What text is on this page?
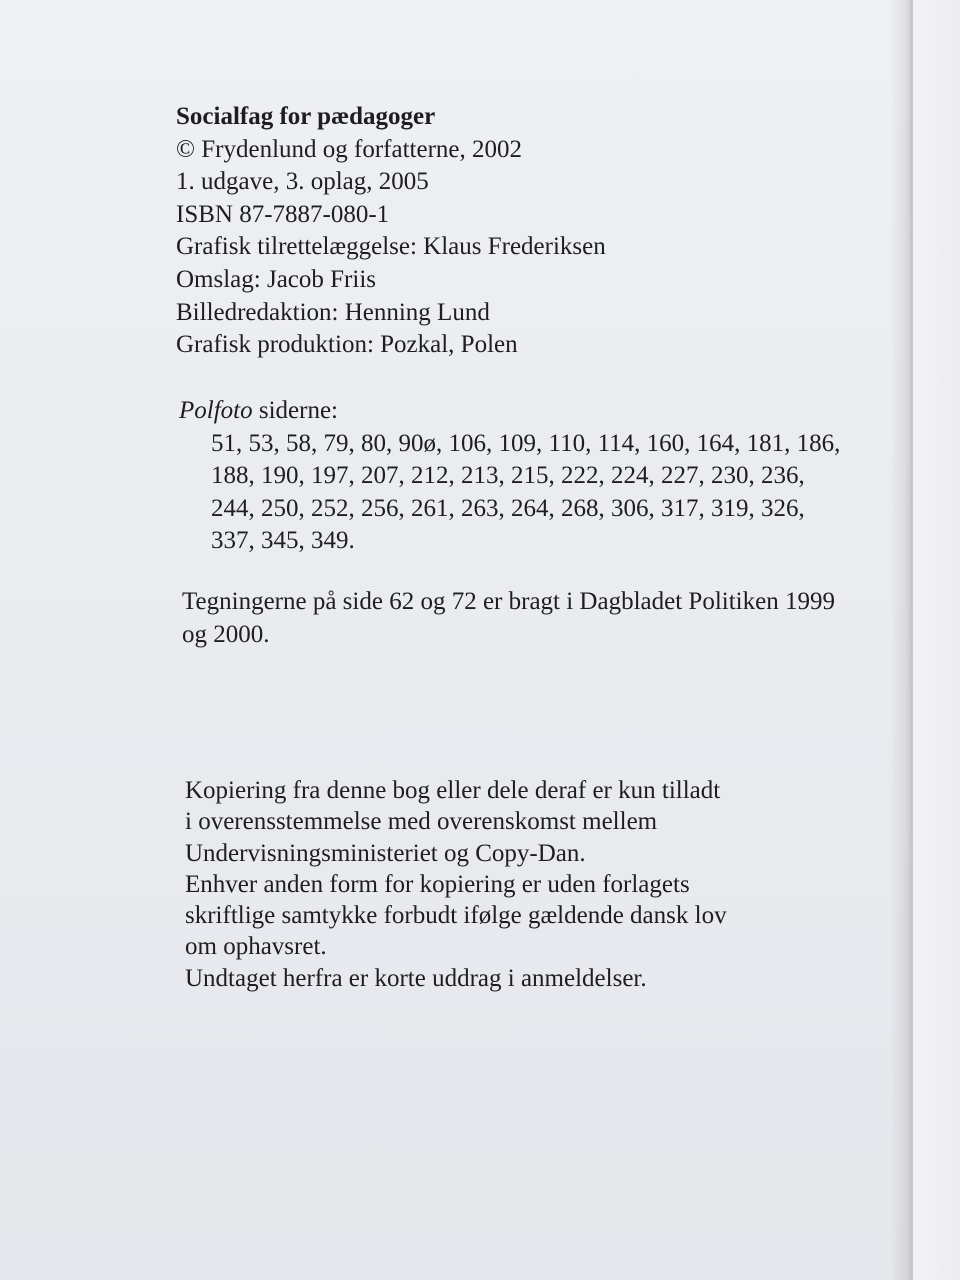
Socialfag for pædagoger
© Frydenlund og forfatterne, 2002
1. udgave, 3. oplag, 2005
ISBN 87-7887-080-1
Grafisk tilrettelæggelse: Klaus Frederiksen
Omslag: Jacob Friis
Billedredaktion: Henning Lund
Grafisk produktion: Pozkal, Polen
Polfoto siderne:
51, 53, 58, 79, 80, 90ø, 106, 109, 110, 114, 160, 164, 181, 186,
188, 190, 197, 207, 212, 213, 215, 222, 224, 227, 230, 236,
244, 250, 252, 256, 261, 263, 264, 268, 306, 317, 319, 326,
337, 345, 349.
Tegningerne på side 62 og 72 er bragt i Dagbladet Politiken 1999
og 2000.
Kopiering fra denne bog eller dele deraf er kun tilladt
i overensstemmelse med overenskomst mellem
Undervisningsministeriet og Copy-Dan.
Enhver anden form for kopiering er uden forlagets
skriftlige samtykke forbudt ifølge gældende dansk lov
om ophavsret.
Undtaget herfra er korte uddrag i anmeldelser.
